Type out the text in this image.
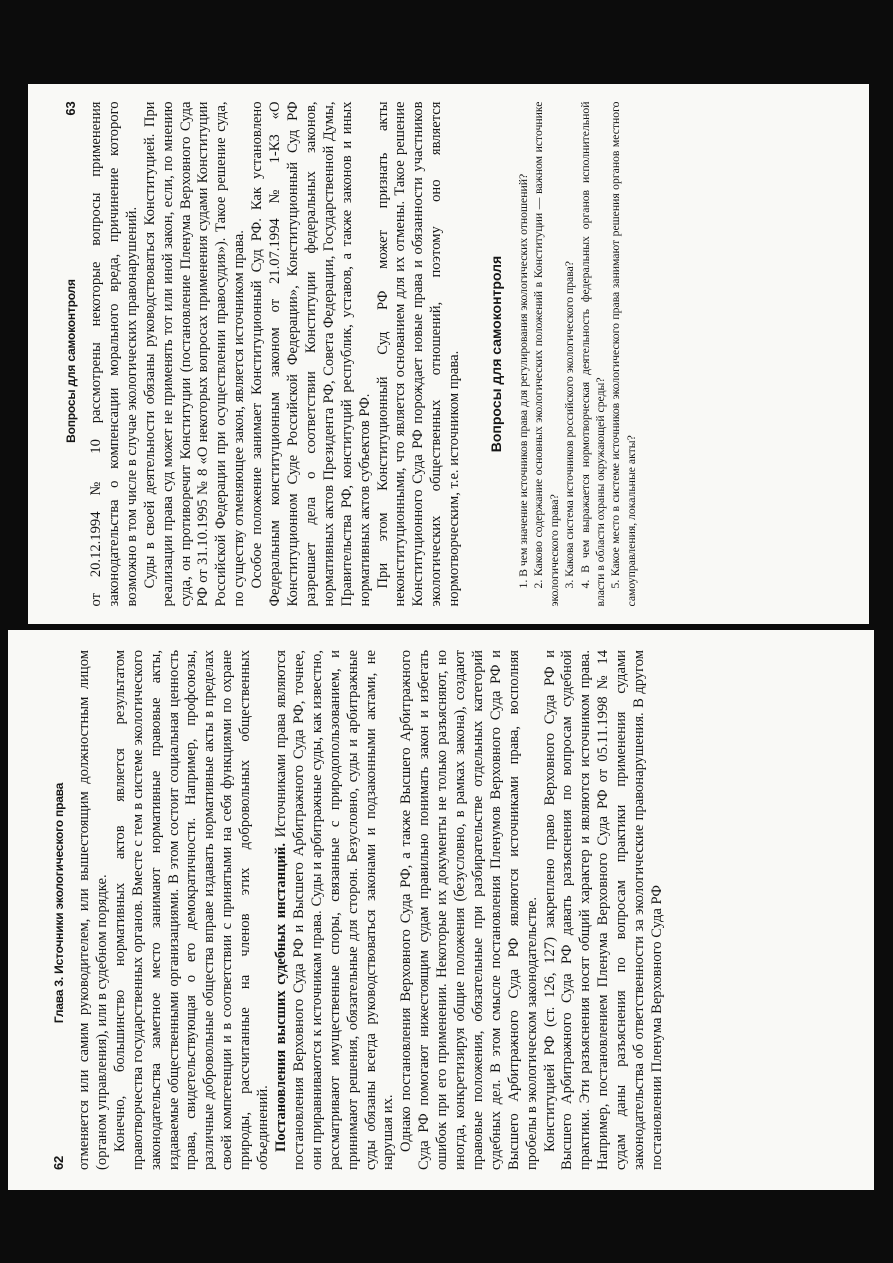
62
Глава 3. Источники экологического права отменяется или самим руководителем, или вышестоящим должностным лицом (органом управления), или в судебном порядке. Конечно, большинство нормативных актов является результатом правотворчества государственных органов. Вместе с тем в системе экологического законодательства заметное место занимают нормативные правовые акты, издаваемые общественными организациями. В этом состоит социальная ценность права, свидетельствующая о его демократичности. Например, профсоюзы, различные добровольные общества вправе издавать нормативные акты в пределах своей компетенции и в соответствии с принятыми на себя функциями по охране природы, рассчитанные на членов этих добровольных общественных объединений. Постановления высших судебных инстанций. Источниками права являются постановления Верховного Суда РФ и Высшего Арбитражного Суда РФ, точнее, они приравниваются к источникам права. Суды и арбитражные суды, как известно, рассматривают имущественные споры, связанные с природопользованием, и принимают решения, обязательные для сторон. Безусловно, суды и арбитражные суды обязаны всегда руководствоваться законами и подзаконными актами, не нарушая их. Однако постановления Верховного Суда РФ, а также Высшего Арбитражного Суда РФ помогают нижестоящим судам правильно понимать закон и избегать ошибок при его применении. Некоторые их документы не только разъясняют, но иногда, конкретизируя общие положения (безусловно, в рамках закона), создают правовые положения, обязательные при разбирательстве отдельных категорий судебных дел. В этом смысле постановления Пленумов Верховного Суда РФ и Высшего Арбитражного Суда РФ являются источниками права, восполняя пробелы в экологическом законодательстве. Конституцией РФ (ст. 126, 127) закреплено право Верховного Суда РФ и Высшего Арбитражного Суда РФ давать разъяснения по вопросам судебной практики. Эти разъяснения носят общий характер и являются источником права. Например, постановлением Пленума Верховного Суда РФ от 05.11.1998 № 14 судам даны разъяснения по вопросам практики применения судами законодательства об ответственности за экологические правонарушения. В другом постановлении Пленума Верховного Суда РФ

Вопросы для самоконтроля
63 от 20.12.1994 № 10 рассмотрены некоторые вопросы применения законодательства о компенсации морального вреда, причинение которого возможно в том числе в случае экологических правонарушений. Суды в своей деятельности обязаны руководствоваться Конституцией. При реализации права суд может не применять тот или иной закон, если, по мнению суда, он противоречит Конституции (постановление Пленума Верховного Суда РФ от 31.10.1995 № 8 «О некоторых вопросах применения судами Конституции Российской Федерации при осуществлении правосудия»). Такое решение суда, по существу отменяющее закон, является источником права. Особое положение занимает Конституционный Суд РФ. Как установлено Федеральным конституционным законом от 21.07.1994 № 1-КЗ «О Конституционном Суде Российской Федерации», Конституционный Суд РФ разрешает дела о соответствии Конституции федеральных законов, нормативных актов Президента РФ, Совета Федерации, Государственной Думы, Правительства РФ, конституций республик, уставов, а также законов и иных нормативных актов субъектов РФ. При этом Конституционный Суд РФ может признать акты неконституционными, что является основанием для их отмены. Такое решение Конституционного Суда РФ порождает новые права и обязанности участников экологических общественных отношений, поэтому оно является нормотворческим, т.е. источником права. Вопросы для самоконтроля 1. В чем значение источников права для регулирования экологических отношений? 2. Каково содержание основных экологических положений в Конституции — важном источнике экологического права? 3. Какова система источников российского экологического права? 4. В чем выражается нормотворческая деятельность федеральных органов исполнительной власти в области охраны окружающей среды? 5. Какое место в системе источников экологического права занимают решения органов местного самоуправления, локальные акты?
